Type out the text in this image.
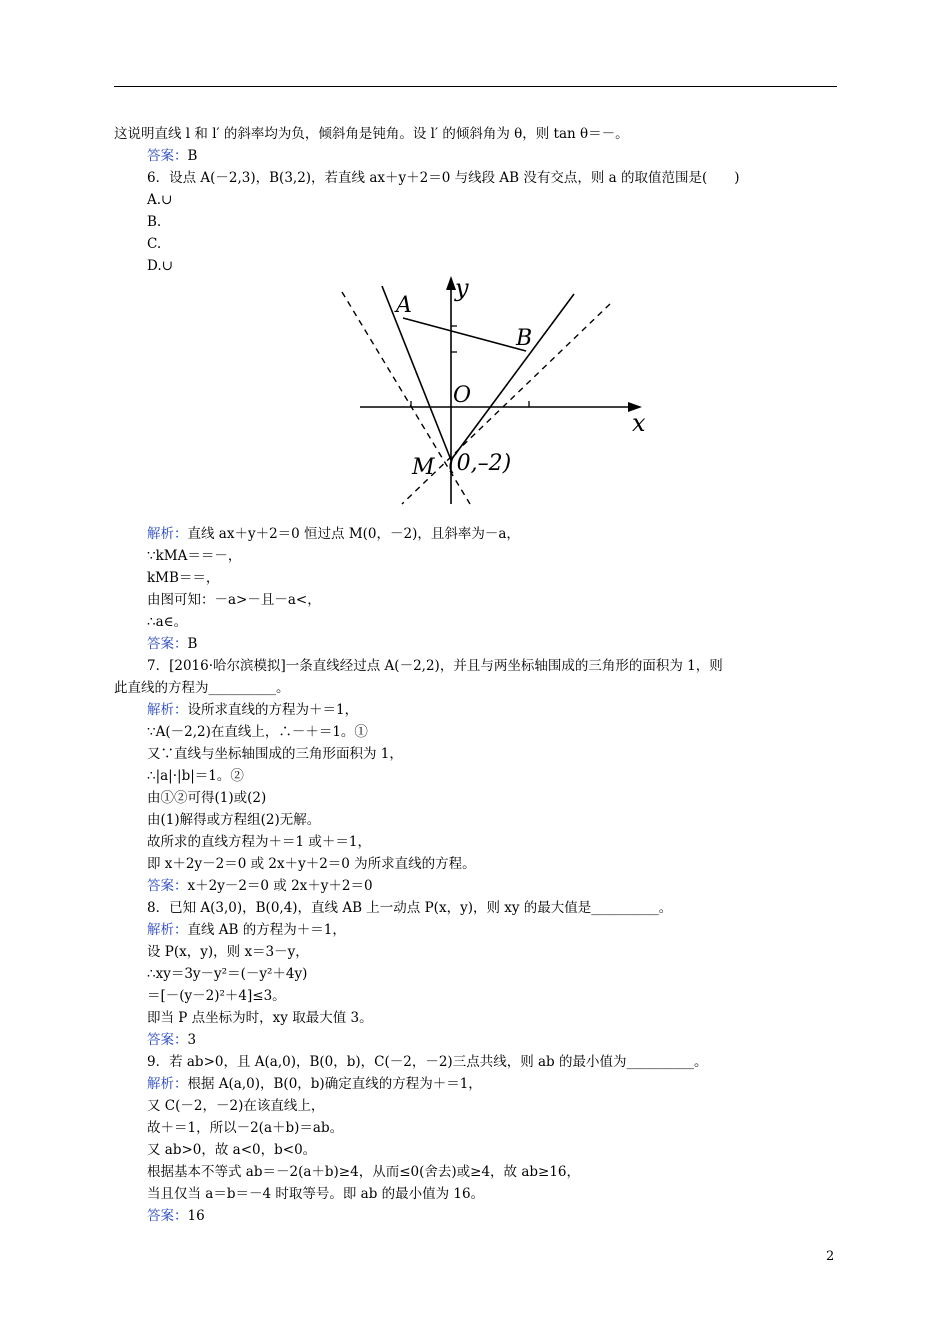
这说明直线 l 和 l′ 的斜率均为负，倾斜角是钝角。设 l′ 的倾斜角为 θ，则 tan θ＝－。
答案：B
6．设点 A(－2,3)，B(3,2)，若直线 ax＋y＋2＝0 与线段 AB 没有交点，则 a 的取值范围是(　　)
A.∪
B.
C.
D.∪
解析：直线 ax＋y＋2＝0 恒过点 M(0，－2)，且斜率为－a，
∵kMA＝＝－，
kMB＝＝，
由图可知：－a>－且－a<，
∴a∈。
答案：B
7．[2016·哈尔滨模拟]一条直线经过点 A(－2,2)，并且与两坐标轴围成的三角形的面积为 1，则
此直线的方程为__________。
解析：设所求直线的方程为＋＝1，
∵A(－2,2)在直线上，∴－＋＝1。①
又∵直线与坐标轴围成的三角形面积为 1，
∴|a|·|b|＝1。②
由①②可得(1)或(2)
由(1)解得或方程组(2)无解。
故所求的直线方程为＋＝1 或＋＝1，
即 x＋2y－2＝0 或 2x＋y＋2＝0 为所求直线的方程。
答案：x＋2y－2＝0 或 2x＋y＋2＝0
8．已知 A(3,0)，B(0,4)，直线 AB 上一动点 P(x，y)，则 xy 的最大值是__________。
解析：直线 AB 的方程为＋＝1，
设 P(x，y)，则 x＝3－y，
∴xy＝3y－y²＝(－y²＋4y)
＝[－(y－2)²＋4]≤3。
即当 P 点坐标为时，xy 取最大值 3。
答案：3
9．若 ab>0，且 A(a,0)，B(0，b)，C(－2，－2)三点共线，则 ab 的最小值为__________。
解析：根据 A(a,0)，B(0，b)确定直线的方程为＋＝1，
又 C(－2，－2)在该直线上，
故＋＝1，所以－2(a＋b)＝ab。
又 ab>0，故 a<0，b<0。
根据基本不等式 ab＝－2(a＋b)≥4，从而≤0(舍去)或≥4，故 ab≥16，
当且仅当 a＝b＝－4 时取等号。即 ab 的最小值为 16。
答案：16
A
B
O
x
y
M (0,–2)
2
